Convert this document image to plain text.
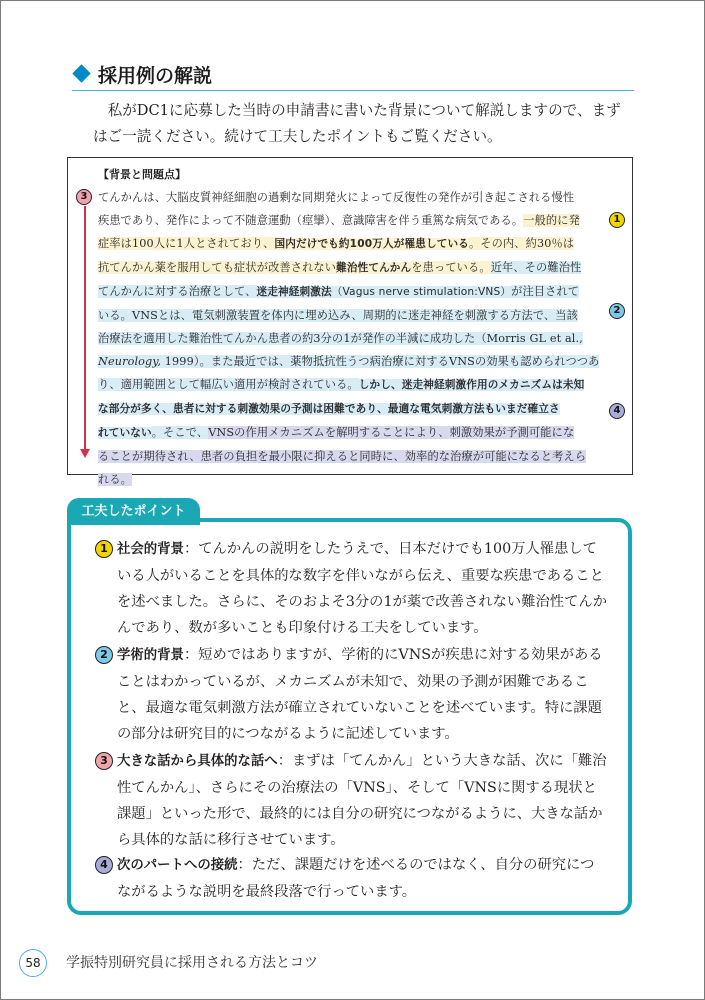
採用例の解説

私がDC1に応募した当時の申請書に書いた背景について解説しますので、まず

はご一読ください。続けて工夫したポイントもご覧ください。

【背景と問題点】
3
1
2
4
てんかんは、大脳皮質神経細胞の過剰な同期発火によって反復性の発作が引き起こされる慢性
疾患であり、発作によって不随意運動（痙攣）、意識障害を伴う重篤な病気である。一般的に発
症率は100人に1人とされており、国内だけでも約100万人が罹患している。その内、約30％は
抗てんかん薬を服用しても症状が改善されない難治性てんかんを患っている。近年、その難治性
てんかんに対する治療として、迷走神経刺激法（Vagus nerve stimulation:VNS）が注目されて
いる。VNSとは、電気刺激装置を体内に埋め込み、周期的に迷走神経を刺激する方法で、当該
治療法を適用した難治性てんかん患者の約3分の1が発作の半減に成功した（Morris GL et al.,
Neurology, 1999）。また最近では、薬物抵抗性うつ病治療に対するVNSの効果も認められつつあ
り、適用範囲として幅広い適用が検討されている。しかし、迷走神経刺激作用のメカニズムは未知
な部分が多く、患者に対する刺激効果の予測は困難であり、最適な電気刺激方法もいまだ確立さ
れていない。そこで、VNSの作用メカニズムを解明することにより、刺激効果が予測可能にな
ることが期待され、患者の負担を最小限に抑えると同時に、効率的な治療が可能になると考えら
れる。
1 社会的背景：てんかんの説明をしたうえで、日本だけでも100万人罹患している人がいることを具体的な数字を伴いながら伝え、重要な疾患であることを述べました。さらに、そのおよそ3分の1が薬で改善されない難治性てんかんであり、数が多いことも印象付ける工夫をしています。
2 学術的背景：短めではありますが、学術的にVNSが疾患に対する効果があることはわかっているが、メカニズムが未知で、効果の予測が困難であること、最適な電気刺激方法が確立されていないことを述べています。特に課題の部分は研究目的につながるように記述しています。
3 大きな話から具体的な話へ：まずは「てんかん」という大きな話、次に「難治性てんかん」、さらにその治療法の「VNS」、そして「VNSに関する現状と課題」といった形で、最終的には自分の研究につながるように、大きな話から具体的な話に移行させています。
4 次のパートへの接続：ただ、課題だけを述べるのではなく、自分の研究につながるような説明を最終段落で行っています。
工夫したポイント
58	学振特別研究員に採用される方法とコツ
